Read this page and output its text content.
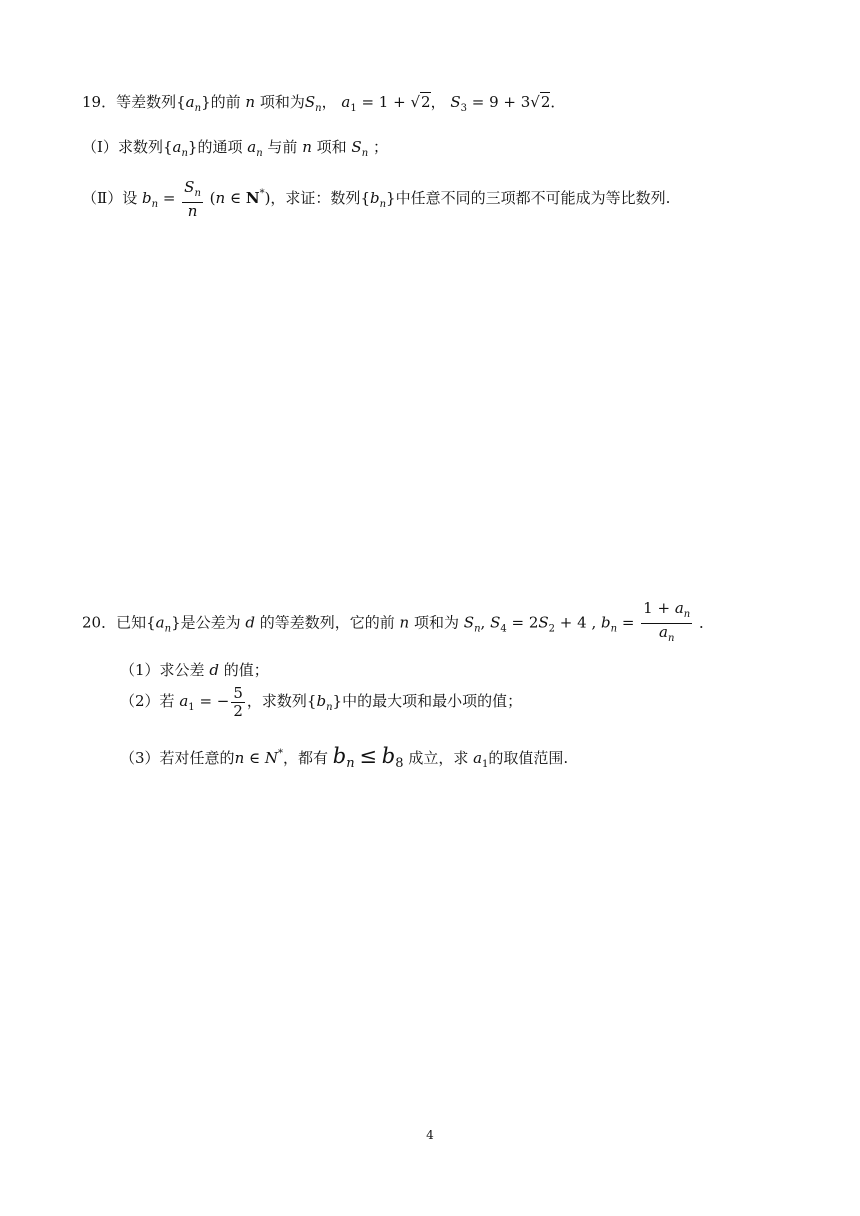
19．等差数列$\{a_n\}$的前 n 项和为$S_n$， $a_1 = 1 + √2$， $S_3 = 9 + 3√2$．
（Ⅰ）求数列$\{a_n\}$的通项 $a_n$ 与前 n 项和 $S_n$ ；
（Ⅱ）设 $b_n = \frac{S_n}{n} (n$ ∈ N*)，求证：数列$\{b_n\}$中任意不同的三项都不可能成为等比数列.
20．已知$\{a_n\}$是公差为 d 的等差数列，它的前 n 项和为 $S_n$, $S_4 = 2S_2 + 4$ , $b_n = \frac{1 + a_n}{a_n}$ ．
（1）求公差 d 的值；
（2）若 $a_1$ = − $\frac{5}{2}$ ，求数列$\{b_n\}$中的最大项和最小项的值；
（3）若对任意的n ∈ N*，都有 bn ≤ b8 成立，求 $a_1$的取值范围.
4
